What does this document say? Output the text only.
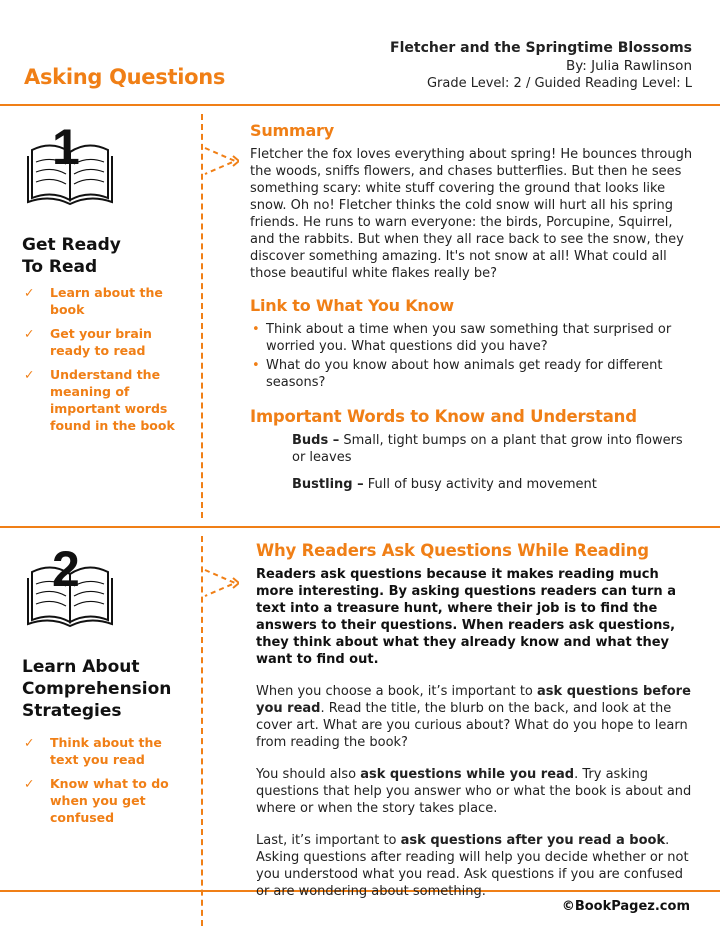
Asking Questions
Fletcher and the Springtime Blossoms
By: Julia Rawlinson
Grade Level: 2 / Guided Reading Level: L
1
Get Ready
To Read
✓ Learn about the book
✓ Get your brain ready to read
✓ Understand the meaning of important words found in the book
Summary

Fletcher the fox loves everything about spring! He bounces through the woods, sniffs flowers, and chases butterflies. But then he sees something scary: white stuff covering the ground that looks like snow. Oh no! Fletcher thinks the cold snow will hurt all his spring friends. He runs to warn everyone: the birds, Porcupine, Squirrel, and the rabbits. But when they all race back to see the snow, they discover something amazing. It's not snow at all! What could all those beautiful white flakes really be?

Link to What You Know
• Think about a time when you saw something that surprised or worried you. What questions did you have?
• What do you know about how animals get ready for different seasons?
Important Words to Know and Understand
Buds – Small, tight bumps on a plant that grow into flowers or leaves
Bustling – Full of busy activity and movement
2
Learn About
Comprehension
Strategies
✓ Think about the text you read
✓ Know what to do when you get confused
Why Readers Ask Questions While Reading

Readers ask questions because it makes reading much more interesting. By asking questions readers can turn a text into a treasure hunt, where their job is to find the answers to their questions. When readers ask questions, they think about what they already know and what they want to find out.

When you choose a book, it’s important to ask questions before you read. Read the title, the blurb on the back, and look at the cover art. What are you curious about? What do you hope to learn from reading the book?

You should also ask questions while you read. Try asking questions that help you answer who or what the book is about and where or when the story takes place.

Last, it’s important to ask questions after you read a book. Asking questions after reading will help you decide whether or not you understood what you read. Ask questions if you are confused or are wondering about something.

©BookPagez.com
